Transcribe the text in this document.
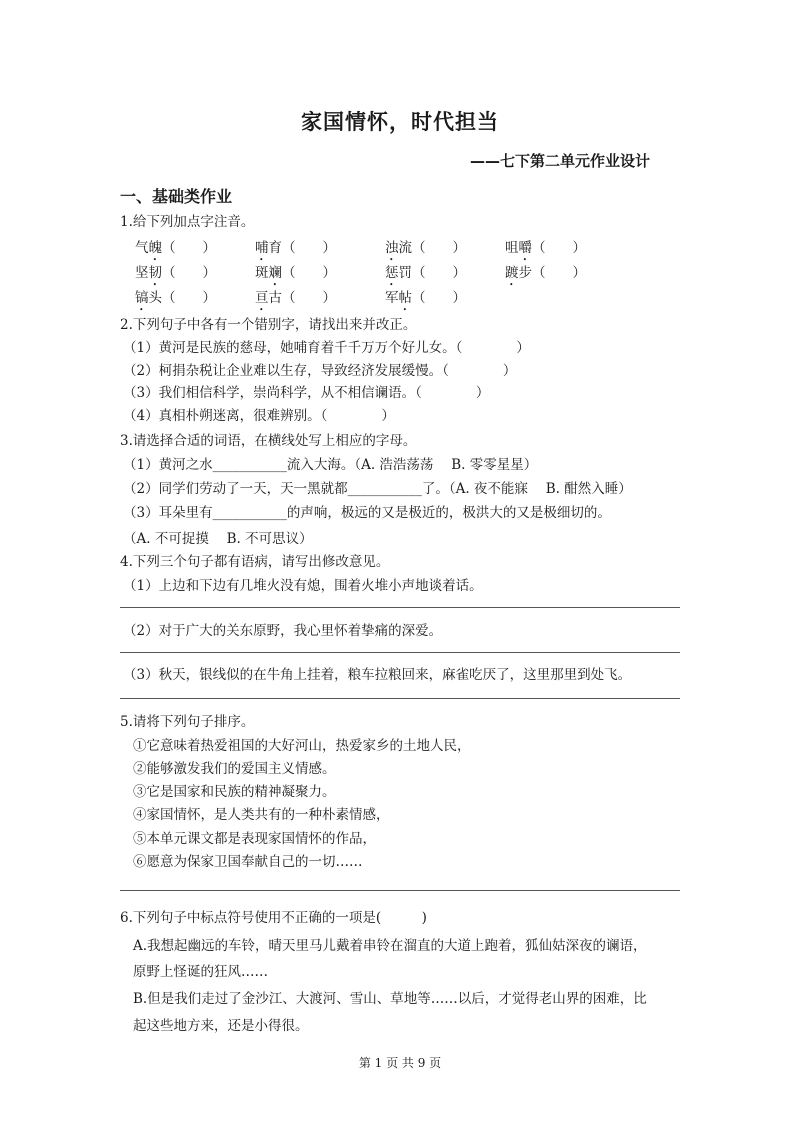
家国情怀，时代担当
——七下第二单元作业设计
一、基础类作业
1.给下列加点字注音。
气魄（　　）	哺育（　　）	浊流（　　）	咀嚼（　　）
坚韧（　　）	斑斓（　　）	惩罚（　　）	踱步（　　）
镐头（　　）	亘古（　　）	军帖（　　）
2.下列句子中各有一个错别字，请找出来并改正。
（1）黄河是民族的慈母，她哺育着千千万万个好儿女。（　　　　）
（2）柯捐杂税让企业难以生存，导致经济发展缓慢。（　　　　）
（3）我们相信科学，崇尚科学，从不相信谰语。（　　　　）
（4）真相朴朔迷离，很难辨别。（　　　　）
3.请选择合适的词语，在横线处写上相应的字母。
（1）黄河之水___________流入大海。（A. 浩浩荡荡　 B. 零零星星）
（2）同学们劳动了一天，天一黑就都___________了。（A. 夜不能寐　 B. 酣然入睡）
（3）耳朵里有___________的声响，极远的又是极近的，极洪大的又是极细切的。
（A. 不可捉摸　 B. 不可思议）
4.下列三个句子都有语病，请写出修改意见。
（1）上边和下边有几堆火没有熄，围着火堆小声地谈着话。
（2）对于广大的关东原野，我心里怀着挚痛的深爱。
（3）秋天，银线似的在牛角上挂着，粮车拉粮回来，麻雀吃厌了，这里那里到处飞。
5.请将下列句子排序。
①它意味着热爱祖国的大好河山，热爱家乡的土地人民，
②能够激发我们的爱国主义情感。
③它是国家和民族的精神凝聚力。
④家国情怀，是人类共有的一种朴素情感，
⑤本单元课文都是表现家国情怀的作品，
⑥愿意为保家卫国奉献自己的一切……
6.下列句子中标点符号使用不正确的一项是(　　　)
A.我想起幽远的车铃，晴天里马儿戴着串铃在溜直的大道上跑着，狐仙姑深夜的谰语，
原野上怪诞的狂风……
B.但是我们走过了金沙江、大渡河、雪山、草地等……以后，才觉得老山界的困难，比
起这些地方来，还是小得很。
第 1 页 共 9 页
